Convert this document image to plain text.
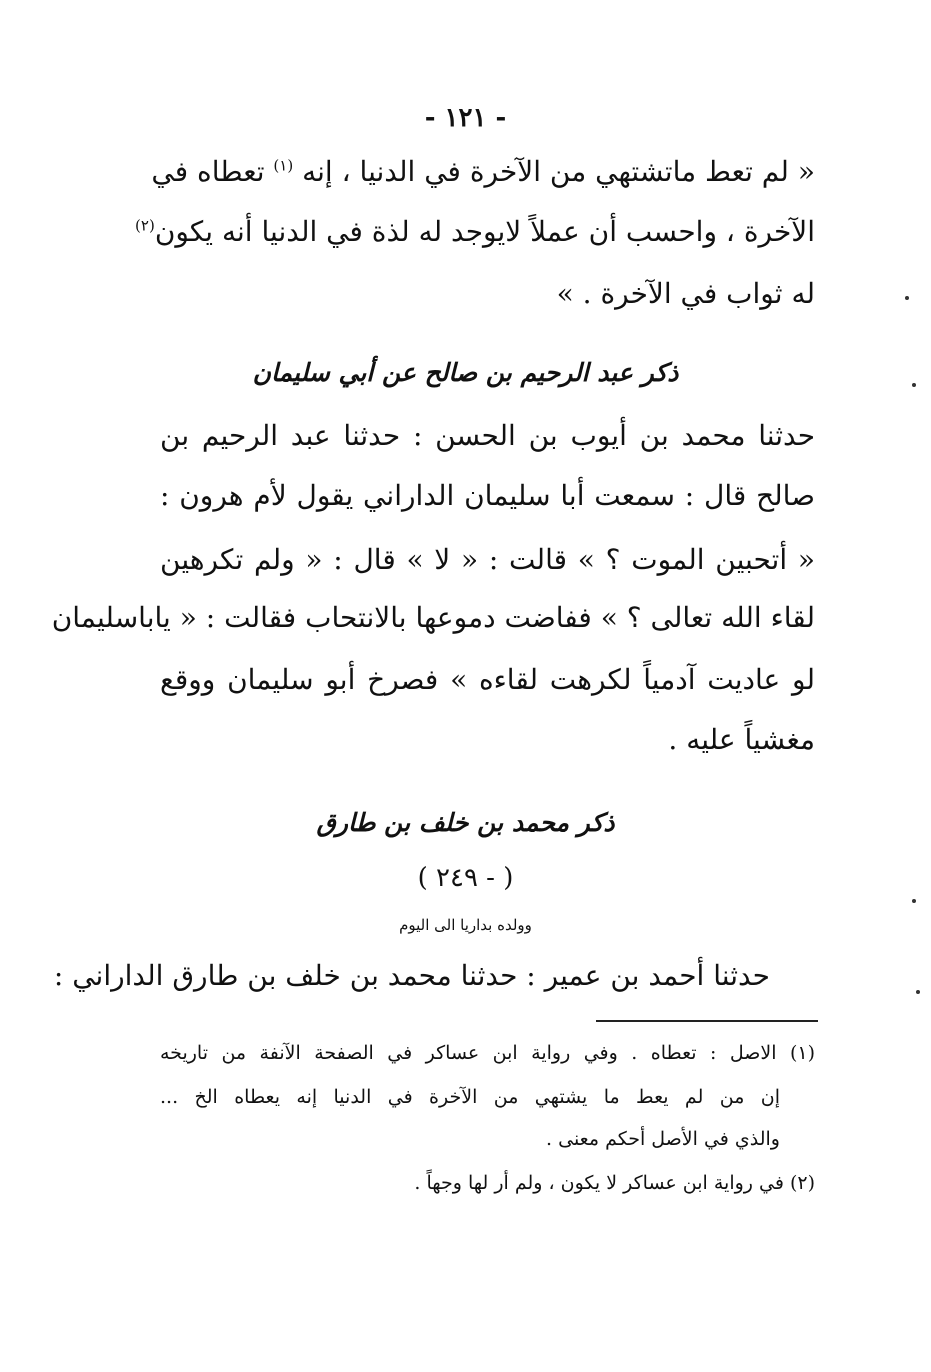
- ١٢١ -
« لم تعط ماتشتهي من الآخرة في الدنيا ، إنه $^{(١)}$ تعطاه في
الآخرة ، واحسب أن عملاً لايوجد له لذة في الدنيا أنه يكون$^{(٢)}$
له ثواب في الآخرة . »
ذكر عبد الرحيم بن صالح عن أبي سليمان
حدثنا محمد بن أيوب بن الحسن : حدثنا عبد الرحيم بن
صالح قال : سمعت أبا سليمان الداراني يقول لأم هرون :
« أتحبين الموت ؟ » قالت : « لا » قال : « ولم تكرهين
لقاء الله تعالى ؟ » ففاضت دموعها بالانتحاب فقالت : « ياباسليمان
لو عاديت آدمياً لكرهت لقاءه » فصرخ أبو سليمان ووقع
مغشياً عليه .
ذكر محمد بن خلف بن طارق
( - ٢٤٩ )
وولده بداريا الى اليوم
حدثنا أحمد بن عمير : حدثنا محمد بن خلف بن طارق الداراني :
(١) الاصل : تعطاه . وفي رواية ابن عساكر في الصفحة الآنفة من تاريخه
إن من لم يعط ما يشتهي من الآخرة في الدنيا إنه يعطاه الخ ...
والذي في الأصل أحكم معنى .
(٢) في رواية ابن عساكر لا يكون ، ولم أر لها وجهاً .
